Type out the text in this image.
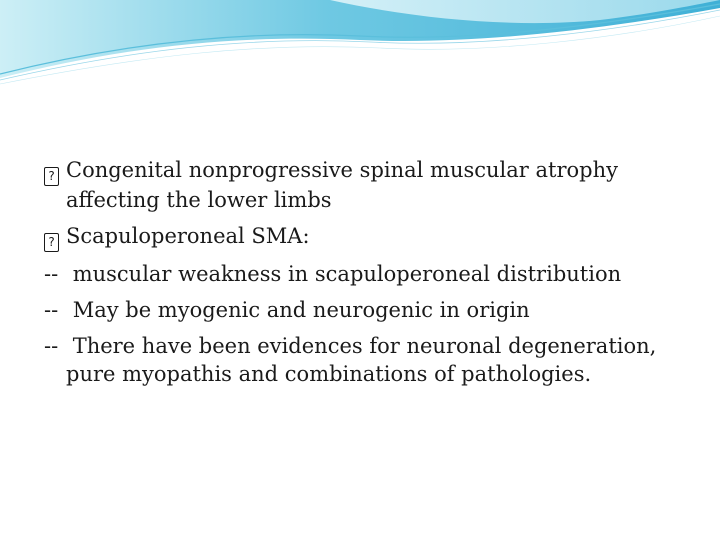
?Congenital nonprogressive spinal muscular atrophy affecting the lower limbs
?Scapuloperoneal SMA:
-- muscular weakness in scapuloperoneal distribution
-- May be myogenic and neurogenic in origin
-- There have been evidences for neuronal degeneration, pure myopathis and combinations of pathologies.
